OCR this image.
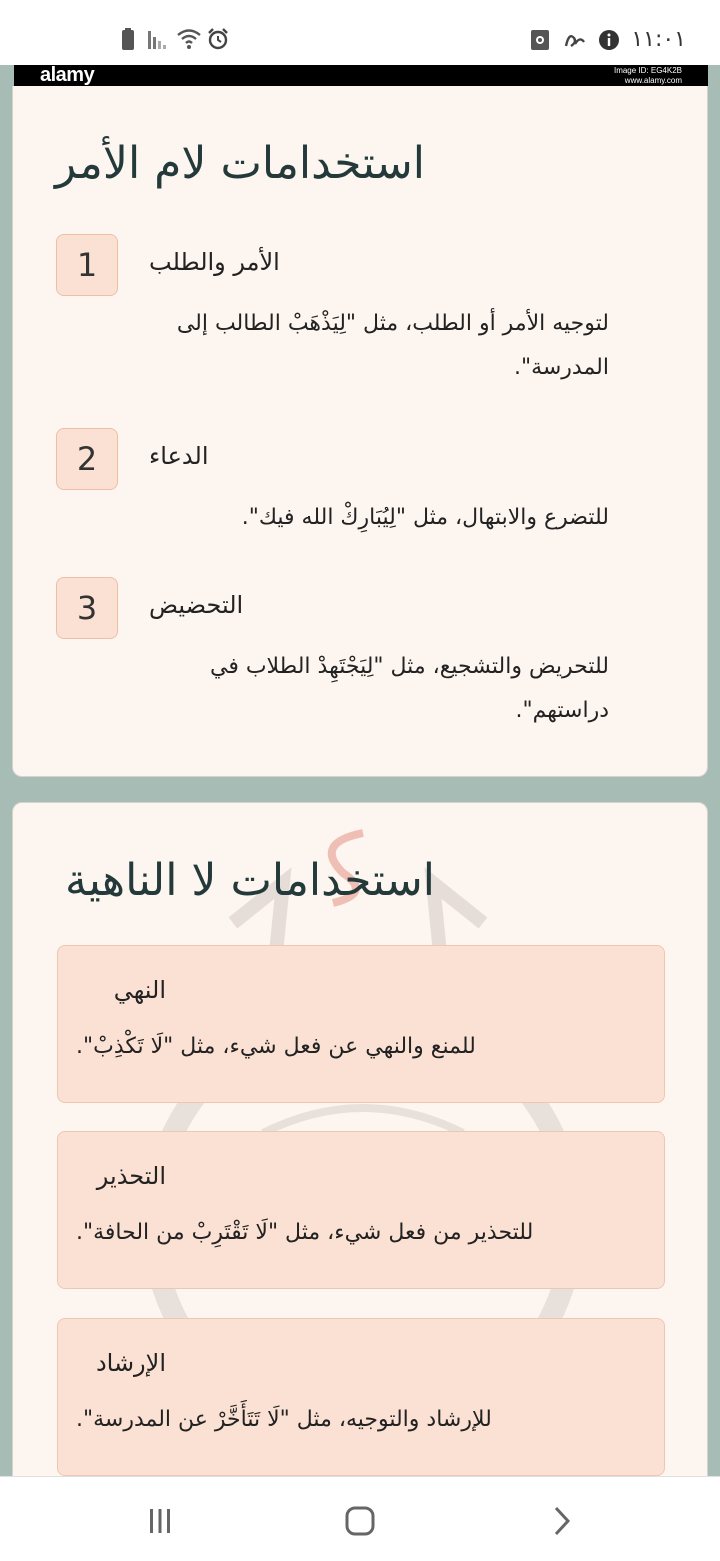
١١:٠١
alamy	Image ID: EG4K2B
www.alamy.com
استخدامات لام الأمر
1	الأمر والطلب
لتوجيه الأمر أو الطلب، مثل "لِيَذْهَبْ الطالب إلى المدرسة".
2	الدعاء
للتضرع والابتهال، مثل "لِيُبَارِكْ الله فيك".
3	التحضيض
للتحريض والتشجيع، مثل "لِيَجْتَهِدْ الطلاب في دراستهم".
استخدامات لا الناهية
النهي
للمنع والنهي عن فعل شيء، مثل "لَا تَكْذِبْ".
التحذير
للتحذير من فعل شيء، مثل "لَا تَقْتَرِبْ من الحافة".
الإرشاد
للإرشاد والتوجيه، مثل "لَا تَتَأَخَّرْ عن المدرسة".
